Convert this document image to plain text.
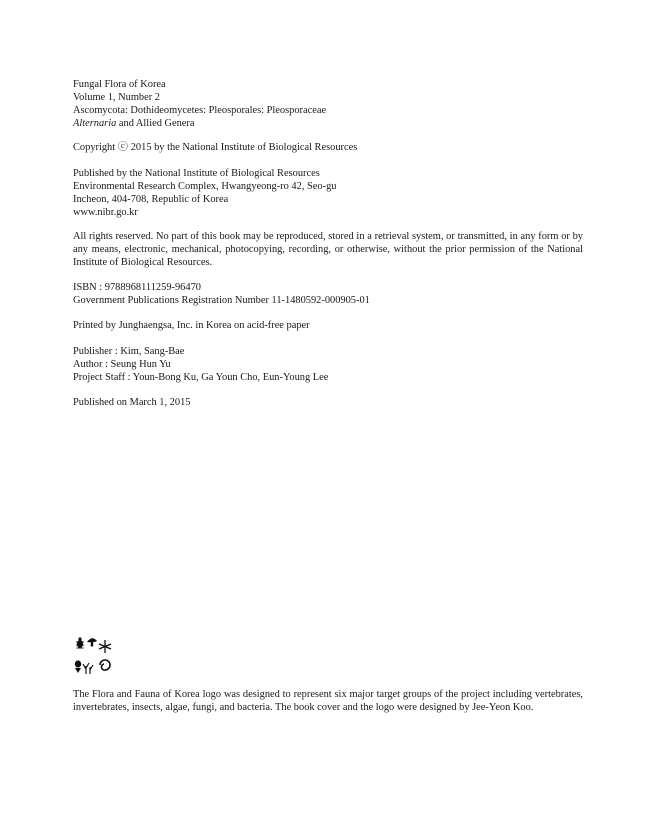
Fungal Flora of Korea
Volume 1, Number 2
Ascomycota: Dothideomycetes: Pleosporales: Pleosporaceae
Alternaria and Allied Genera
Copyright ⓒ 2015 by the National Institute of Biological Resources
Published by the National Institute of Biological Resources
Environmental Research Complex, Hwangyeong-ro 42, Seo-gu
Incheon, 404-708, Republic of Korea
www.nibr.go.kr
All rights reserved. No part of this book may be reproduced, stored in a retrieval system, or transmitted, in any form or by any means, electronic, mechanical, photocopying, recording, or otherwise, without the prior permission of the National Institute of Biological Resources.
ISBN : 9788968111259-96470
Government Publications Registration Number 11-1480592-000905-01
Printed by Junghaengsa, Inc. in Korea on acid-free paper
Publisher : Kim, Sang-Bae
Author : Seung Hun Yu
Project Staff : Youn-Bong Ku, Ga Youn Cho, Eun-Young Lee
Published on March 1, 2015
The Flora and Fauna of Korea logo was designed to represent six major target groups of the project including vertebrates, invertebrates, insects, algae, fungi, and bacteria. The book cover and the logo were designed by Jee-Yeon Koo.
